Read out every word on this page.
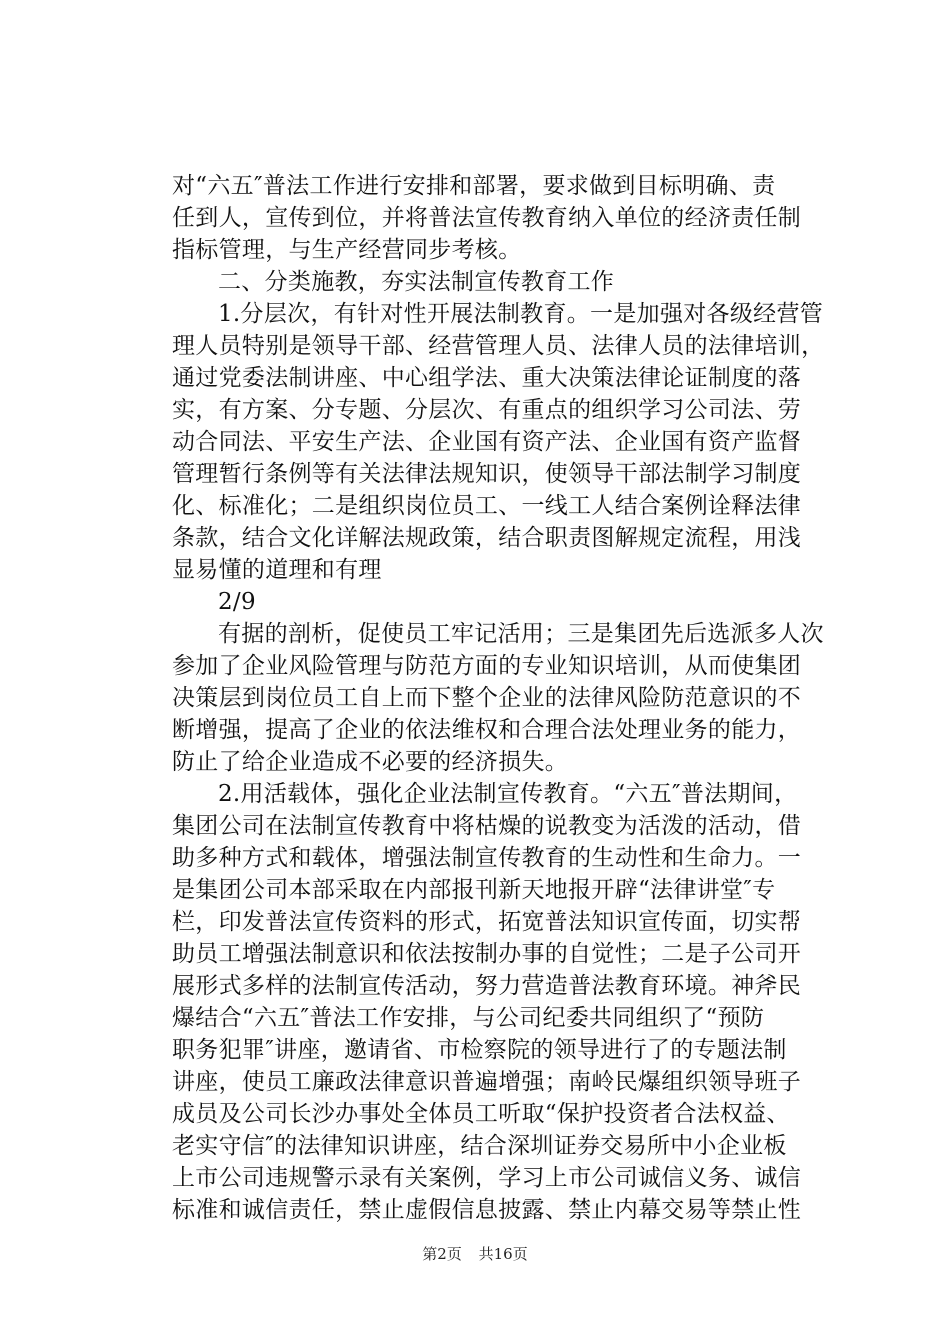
对“六五″普法工作进行安排和部署，要求做到目标明确、责
任到人，宣传到位，并将普法宣传教育纳入单位的经济责任制
指标管理，与生产经营同步考核。
二、分类施教，夯实法制宣传教育工作
1.分层次，有针对性开展法制教育。一是加强对各级经营管
理人员特别是领导干部、经营管理人员、法律人员的法律培训，
通过党委法制讲座、中心组学法、重大决策法律论证制度的落
实，有方案、分专题、分层次、有重点的组织学习公司法、劳
动合同法、平安生产法、企业国有资产法、企业国有资产监督
管理暂行条例等有关法律法规知识，使领导干部法制学习制度
化、标准化；二是组织岗位员工、一线工人结合案例诠释法律
条款，结合文化详解法规政策，结合职责图解规定流程，用浅
显易懂的道理和有理
2/9
有据的剖析，促使员工牢记活用；三是集团先后选派多人次
参加了企业风险管理与防范方面的专业知识培训，从而使集团
决策层到岗位员工自上而下整个企业的法律风险防范意识的不
断增强，提高了企业的依法维权和合理合法处理业务的能力，
防止了给企业造成不必要的经济损失。
2.用活载体，强化企业法制宣传教育。“六五″普法期间，
集团公司在法制宣传教育中将枯燥的说教变为活泼的活动，借
助多种方式和载体，增强法制宣传教育的生动性和生命力。一
是集团公司本部采取在内部报刊新天地报开辟“法律讲堂″专
栏，印发普法宣传资料的形式，拓宽普法知识宣传面，切实帮
助员工增强法制意识和依法按制办事的自觉性；二是子公司开
展形式多样的法制宣传活动，努力营造普法教育环境。神斧民
爆结合“六五″普法工作安排，与公司纪委共同组织了“预防
职务犯罪″讲座，邀请省、市检察院的领导进行了的专题法制
讲座，使员工廉政法律意识普遍增强；南岭民爆组织领导班子
成员及公司长沙办事处全体员工听取“保护投资者合法权益、
老实守信″的法律知识讲座，结合深圳证券交易所中小企业板
上市公司违规警示录有关案例，学习上市公司诚信义务、诚信
标准和诚信责任，禁止虚假信息披露、禁止内幕交易等禁止性
第2页 共16页
